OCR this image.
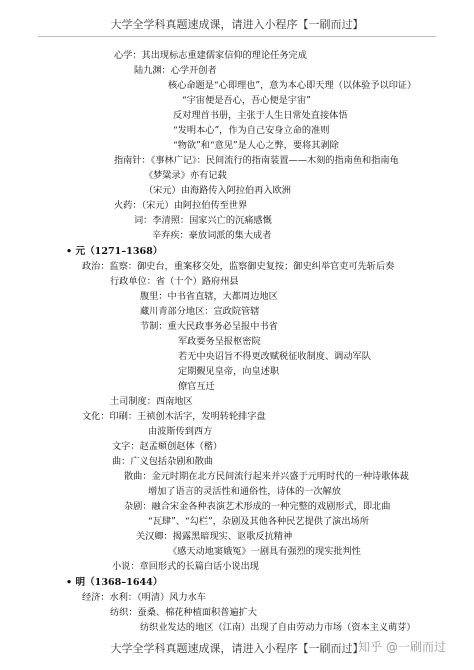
大学全学科真题速成课，请进入小程序【一刷而过】
心学：其出现标志重建儒家信仰的理论任务完成
陆九渊：心学开创者
核心命题是“心即理也”，意为本心即天理（以体验予以印证）
“宇宙便是吾心，吾心便是宇宙”
反对理首书册，主张于人生日常处直接体悟
“发明本心”，作为自己安身立命的准则
“物欲”和“意见”是人心之弊，要将其剥除
指南针：《事林广记》：民间流行的指南装置——木刻的指南鱼和指南龟
《梦粱录》亦有记载
（宋元）由海路传入阿拉伯再入欧洲
火药：（宋元）由阿拉伯传至世界
词：李清照：国家兴亡的沉痛感慨
辛弃疾：豪放词派的集大成者
• 元（1271–1368）
政治：监察：御史台，重案移交处，监察御史复按；御史纠举官吏可先斩后奏
行政单位：省（十个）路府州县
腹里：中书省直辖，大都周边地区
藏川青部分地区：宣政院管辖
节制：重大民政事务必呈报中书省
军政要务呈报枢密院
若无中央诏旨不得更改赋税征收制度、调动军队
定期觐见皇帝，向皇述职
僚官互迁
土司制度：西南地区
文化：印刷：王祯创木活字，发明转轮排字盘
由波斯传到西方
文字：赵孟頫创赵体（楷）
曲：广义包括杂剧和散曲
散曲：金元时期在北方民间流行起来并兴盛于元明时代的一种诗歌体裁
增加了语言的灵活性和通俗性，诗体的一次解放
杂剧：融合宋金各种表演艺术形成的一种完整的戏剧形式，即北曲
“瓦肆”、“勾栏”，杂剧及其他各种民艺提供了演出场所
关汉卿：揭露黑暗现实、讴歌反抗精神
《感天动地窦娥冤》一剧具有强烈的现实批判性
小说：章回形式的长篇白话小说出现
• 明（1368–1644）
经济：水利：（明清）风力水车
纺织：蚕桑、棉花种植面积普遍扩大
纺织业发达的地区（江南）出现了自由劳动力市场（资本主义萌芽）
大学全学科真题速成课，请进入小程序【一刷而过】
知乎 @一刷而过
